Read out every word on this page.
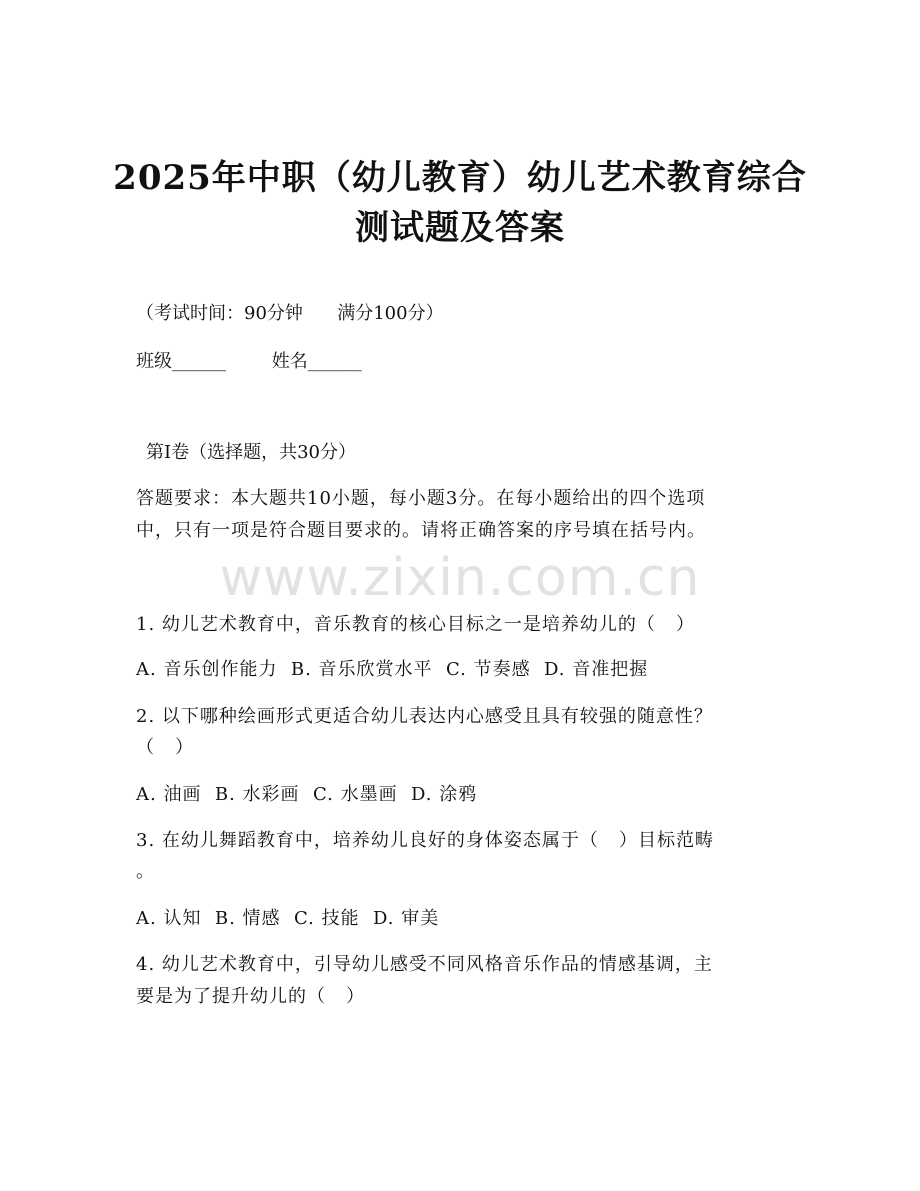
2025年中职（幼儿教育）幼儿艺术教育综合
测试题及答案
（考试时间：90分钟      满分100分）
班级______        姓名______
第Ⅰ卷（选择题，共30分）
答题要求：本大题共10小题，每小题3分。在每小题给出的四个选项
中，只有一项是符合题目要求的。请将正确答案的序号填在括号内。
www.zixin.com.cn
1. 幼儿艺术教育中，音乐教育的核心目标之一是培养幼儿的（   ）
A. 音乐创作能力  B. 音乐欣赏水平  C. 节奏感  D. 音准把握
2. 以下哪种绘画形式更适合幼儿表达内心感受且具有较强的随意性？
（   ）
A. 油画  B. 水彩画  C. 水墨画  D. 涂鸦
3. 在幼儿舞蹈教育中，培养幼儿良好的身体姿态属于（   ）目标范畴
。
A. 认知  B. 情感  C. 技能  D. 审美
4. 幼儿艺术教育中，引导幼儿感受不同风格音乐作品的情感基调，主
要是为了提升幼儿的（   ）
